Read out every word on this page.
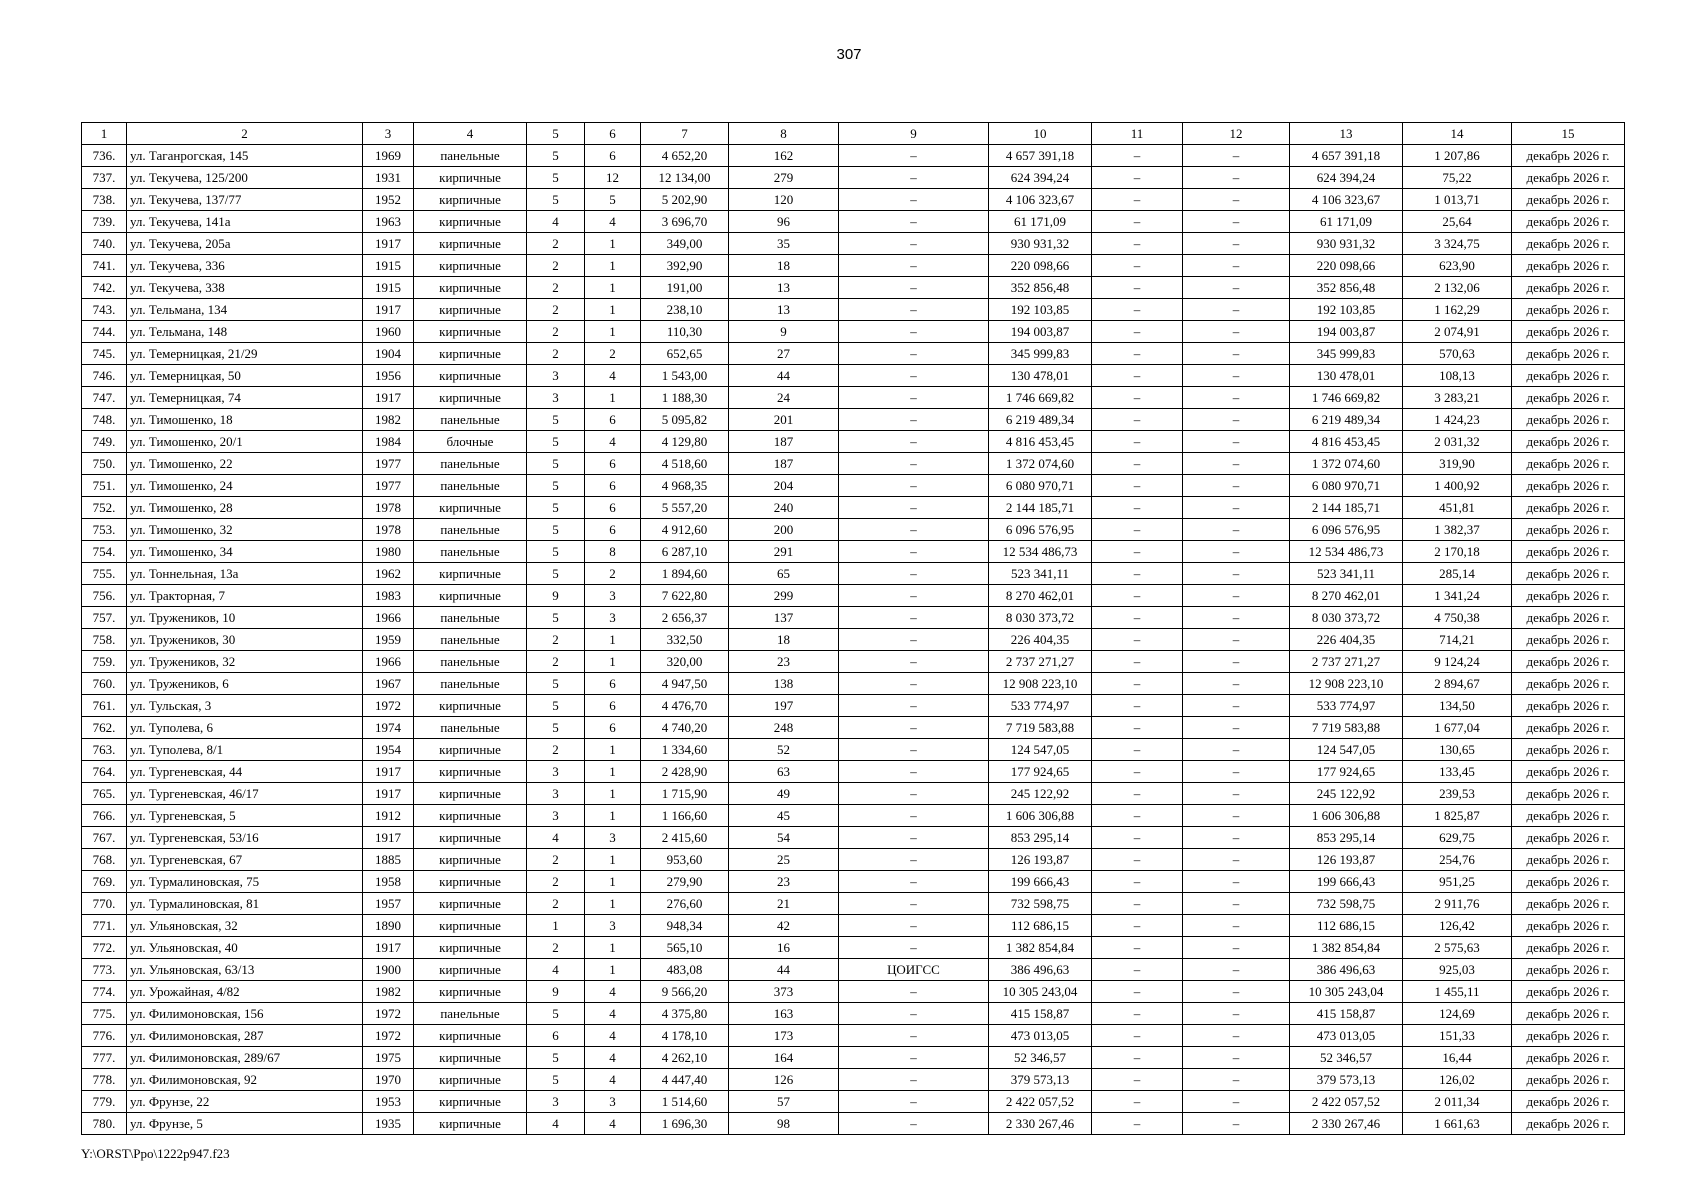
307
1	2	3	4	5	6	7	8	9	10	11	12	13	14	15
736.	ул. Таганрогская, 145	1969	панельные	5	6	4 652,20	162	–	4 657 391,18	–	–	4 657 391,18	1 207,86	декабрь 2026 г.
737.	ул. Текучева, 125/200	1931	кирпичные	5	12	12 134,00	279	–	624 394,24	–	–	624 394,24	75,22	декабрь 2026 г.
738.	ул. Текучева, 137/77	1952	кирпичные	5	5	5 202,90	120	–	4 106 323,67	–	–	4 106 323,67	1 013,71	декабрь 2026 г.
739.	ул. Текучева, 141а	1963	кирпичные	4	4	3 696,70	96	–	61 171,09	–	–	61 171,09	25,64	декабрь 2026 г.
740.	ул. Текучева, 205а	1917	кирпичные	2	1	349,00	35	–	930 931,32	–	–	930 931,32	3 324,75	декабрь 2026 г.
741.	ул. Текучева, 336	1915	кирпичные	2	1	392,90	18	–	220 098,66	–	–	220 098,66	623,90	декабрь 2026 г.
742.	ул. Текучева, 338	1915	кирпичные	2	1	191,00	13	–	352 856,48	–	–	352 856,48	2 132,06	декабрь 2026 г.
743.	ул. Тельмана, 134	1917	кирпичные	2	1	238,10	13	–	192 103,85	–	–	192 103,85	1 162,29	декабрь 2026 г.
744.	ул. Тельмана, 148	1960	кирпичные	2	1	110,30	9	–	194 003,87	–	–	194 003,87	2 074,91	декабрь 2026 г.
745.	ул. Темерницкая, 21/29	1904	кирпичные	2	2	652,65	27	–	345 999,83	–	–	345 999,83	570,63	декабрь 2026 г.
746.	ул. Темерницкая, 50	1956	кирпичные	3	4	1 543,00	44	–	130 478,01	–	–	130 478,01	108,13	декабрь 2026 г.
747.	ул. Темерницкая, 74	1917	кирпичные	3	1	1 188,30	24	–	1 746 669,82	–	–	1 746 669,82	3 283,21	декабрь 2026 г.
748.	ул. Тимошенко, 18	1982	панельные	5	6	5 095,82	201	–	6 219 489,34	–	–	6 219 489,34	1 424,23	декабрь 2026 г.
749.	ул. Тимошенко, 20/1	1984	блочные	5	4	4 129,80	187	–	4 816 453,45	–	–	4 816 453,45	2 031,32	декабрь 2026 г.
750.	ул. Тимошенко, 22	1977	панельные	5	6	4 518,60	187	–	1 372 074,60	–	–	1 372 074,60	319,90	декабрь 2026 г.
751.	ул. Тимошенко, 24	1977	панельные	5	6	4 968,35	204	–	6 080 970,71	–	–	6 080 970,71	1 400,92	декабрь 2026 г.
752.	ул. Тимошенко, 28	1978	кирпичные	5	6	5 557,20	240	–	2 144 185,71	–	–	2 144 185,71	451,81	декабрь 2026 г.
753.	ул. Тимошенко, 32	1978	панельные	5	6	4 912,60	200	–	6 096 576,95	–	–	6 096 576,95	1 382,37	декабрь 2026 г.
754.	ул. Тимошенко, 34	1980	панельные	5	8	6 287,10	291	–	12 534 486,73	–	–	12 534 486,73	2 170,18	декабрь 2026 г.
755.	ул. Тоннельная, 13а	1962	кирпичные	5	2	1 894,60	65	–	523 341,11	–	–	523 341,11	285,14	декабрь 2026 г.
756.	ул. Тракторная, 7	1983	кирпичные	9	3	7 622,80	299	–	8 270 462,01	–	–	8 270 462,01	1 341,24	декабрь 2026 г.
757.	ул. Тружеников, 10	1966	панельные	5	3	2 656,37	137	–	8 030 373,72	–	–	8 030 373,72	4 750,38	декабрь 2026 г.
758.	ул. Тружеников, 30	1959	панельные	2	1	332,50	18	–	226 404,35	–	–	226 404,35	714,21	декабрь 2026 г.
759.	ул. Тружеников, 32	1966	панельные	2	1	320,00	23	–	2 737 271,27	–	–	2 737 271,27	9 124,24	декабрь 2026 г.
760.	ул. Тружеников, 6	1967	панельные	5	6	4 947,50	138	–	12 908 223,10	–	–	12 908 223,10	2 894,67	декабрь 2026 г.
761.	ул. Тульская, 3	1972	кирпичные	5	6	4 476,70	197	–	533 774,97	–	–	533 774,97	134,50	декабрь 2026 г.
762.	ул. Туполева, 6	1974	панельные	5	6	4 740,20	248	–	7 719 583,88	–	–	7 719 583,88	1 677,04	декабрь 2026 г.
763.	ул. Туполева, 8/1	1954	кирпичные	2	1	1 334,60	52	–	124 547,05	–	–	124 547,05	130,65	декабрь 2026 г.
764.	ул. Тургеневская, 44	1917	кирпичные	3	1	2 428,90	63	–	177 924,65	–	–	177 924,65	133,45	декабрь 2026 г.
765.	ул. Тургеневская, 46/17	1917	кирпичные	3	1	1 715,90	49	–	245 122,92	–	–	245 122,92	239,53	декабрь 2026 г.
766.	ул. Тургеневская, 5	1912	кирпичные	3	1	1 166,60	45	–	1 606 306,88	–	–	1 606 306,88	1 825,87	декабрь 2026 г.
767.	ул. Тургеневская, 53/16	1917	кирпичные	4	3	2 415,60	54	–	853 295,14	–	–	853 295,14	629,75	декабрь 2026 г.
768.	ул. Тургеневская, 67	1885	кирпичные	2	1	953,60	25	–	126 193,87	–	–	126 193,87	254,76	декабрь 2026 г.
769.	ул. Турмалиновская, 75	1958	кирпичные	2	1	279,90	23	–	199 666,43	–	–	199 666,43	951,25	декабрь 2026 г.
770.	ул. Турмалиновская, 81	1957	кирпичные	2	1	276,60	21	–	732 598,75	–	–	732 598,75	2 911,76	декабрь 2026 г.
771.	ул. Ульяновская, 32	1890	кирпичные	1	3	948,34	42	–	112 686,15	–	–	112 686,15	126,42	декабрь 2026 г.
772.	ул. Ульяновская, 40	1917	кирпичные	2	1	565,10	16	–	1 382 854,84	–	–	1 382 854,84	2 575,63	декабрь 2026 г.
773.	ул. Ульяновская, 63/13	1900	кирпичные	4	1	483,08	44	ЦОИГСС	386 496,63	–	–	386 496,63	925,03	декабрь 2026 г.
774.	ул. Урожайная, 4/82	1982	кирпичные	9	4	9 566,20	373	–	10 305 243,04	–	–	10 305 243,04	1 455,11	декабрь 2026 г.
775.	ул. Филимоновская, 156	1972	панельные	5	4	4 375,80	163	–	415 158,87	–	–	415 158,87	124,69	декабрь 2026 г.
776.	ул. Филимоновская, 287	1972	кирпичные	6	4	4 178,10	173	–	473 013,05	–	–	473 013,05	151,33	декабрь 2026 г.
777.	ул. Филимоновская, 289/67	1975	кирпичные	5	4	4 262,10	164	–	52 346,57	–	–	52 346,57	16,44	декабрь 2026 г.
778.	ул. Филимоновская, 92	1970	кирпичные	5	4	4 447,40	126	–	379 573,13	–	–	379 573,13	126,02	декабрь 2026 г.
779.	ул. Фрунзе, 22	1953	кирпичные	3	3	1 514,60	57	–	2 422 057,52	–	–	2 422 057,52	2 011,34	декабрь 2026 г.
780.	ул. Фрунзе, 5	1935	кирпичные	4	4	1 696,30	98	–	2 330 267,46	–	–	2 330 267,46	1 661,63	декабрь 2026 г.
Y:\ORST\Ppo\1222p947.f23
